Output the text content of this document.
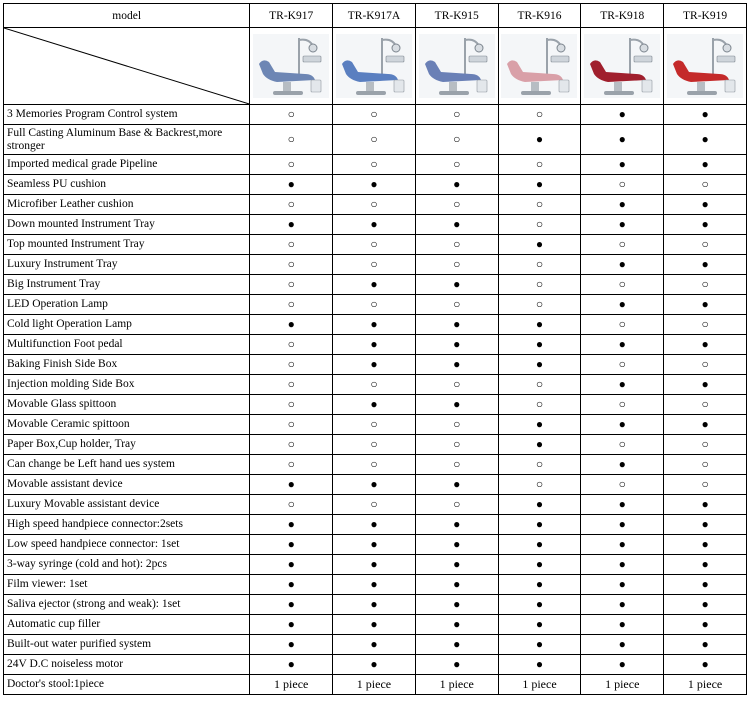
model	TR-K917	TR-K917A	TR-K915	TR-K916	TR-K918	TR-K919

3 Memories Program Control system	○	○	○	○	●	●
Full Casting Aluminum Base & Backrest,more stronger	○	○	○	●	●	●
Imported medical grade Pipeline	○	○	○	○	●	●
Seamless PU cushion	●	●	●	●	○	○
Microfiber Leather cushion	○	○	○	○	●	●
Down mounted Instrument Tray	●	●	●	○	●	●
Top mounted Instrument Tray	○	○	○	●	○	○
Luxury Instrument Tray	○	○	○	○	●	●
Big Instrument Tray	○	●	●	○	○	○
LED Operation Lamp	○	○	○	○	●	●
Cold light Operation Lamp	●	●	●	●	○	○
Multifunction Foot pedal	○	●	●	●	●	●
Baking Finish Side Box	○	●	●	●	○	○
Injection molding Side Box	○	○	○	○	●	●
Movable Glass spittoon	○	●	●	○	○	○
Movable Ceramic spittoon	○	○	○	●	●	●
Paper Box,Cup holder, Tray	○	○	○	●	○	○
Can change be Left hand ues system	○	○	○	○	●	○
Movable assistant device	●	●	●	○	○	○
Luxury Movable assistant device	○	○	○	●	●	●
High speed handpiece connector:2sets	●	●	●	●	●	●
Low speed handpiece connector: 1set	●	●	●	●	●	●
3-way syringe (cold and hot): 2pcs	●	●	●	●	●	●
Film viewer: 1set	●	●	●	●	●	●
Saliva ejector (strong and weak): 1set	●	●	●	●	●	●
Automatic cup filler	●	●	●	●	●	●
Built-out water purified system	●	●	●	●	●	●
24V D.C noiseless motor	●	●	●	●	●	●
Doctor's stool:1piece	1 piece	1 piece	1 piece	1 piece	1 piece	1 piece
